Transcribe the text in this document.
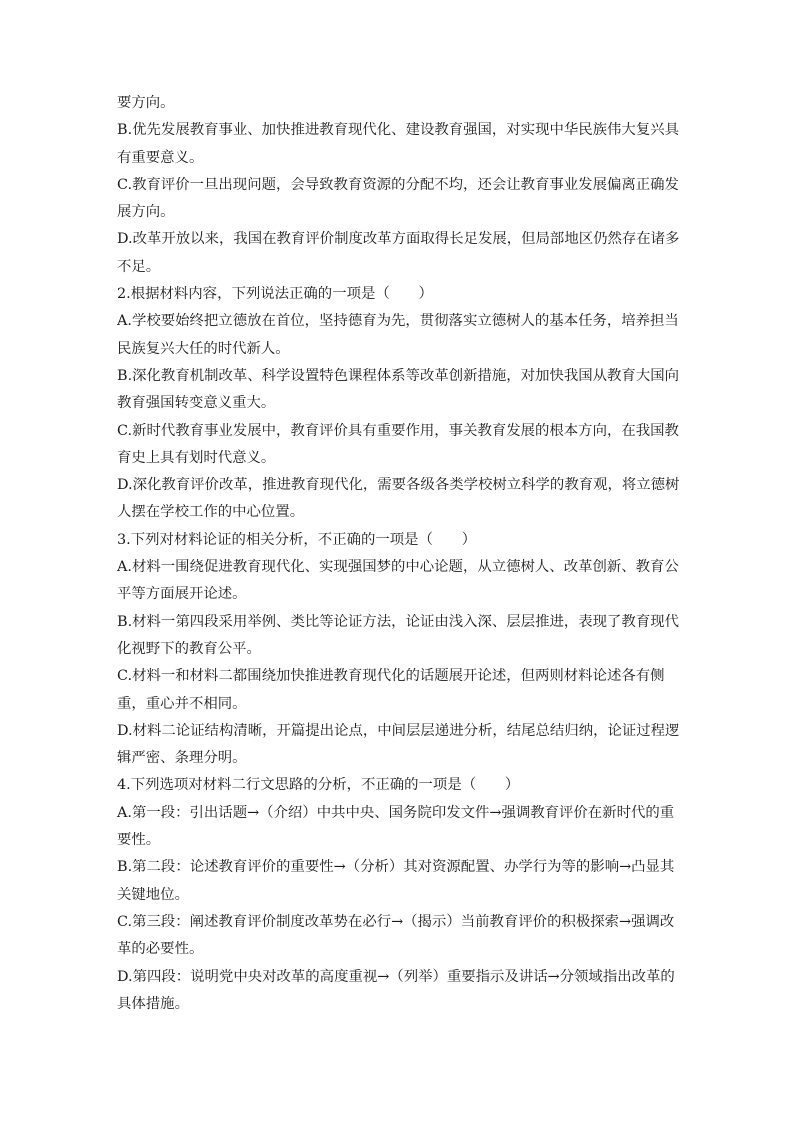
要方向。
B.优先发展教育事业、加快推进教育现代化、建设教育强国，对实现中华民族伟大复兴具
有重要意义。
C.教育评价一旦出现问题，会导致教育资源的分配不均，还会让教育事业发展偏离正确发
展方向。
D.改革开放以来，我国在教育评价制度改革方面取得长足发展，但局部地区仍然存在诸多
不足。
2.根据材料内容，下列说法正确的一项是（　　）
A.学校要始终把立德放在首位，坚持德育为先，贯彻落实立德树人的基本任务，培养担当
民族复兴大任的时代新人。
B.深化教育机制改革、科学设置特色课程体系等改革创新措施，对加快我国从教育大国向
教育强国转变意义重大。
C.新时代教育事业发展中，教育评价具有重要作用，事关教育发展的根本方向，在我国教
育史上具有划时代意义。
D.深化教育评价改革，推进教育现代化，需要各级各类学校树立科学的教育观，将立德树
人摆在学校工作的中心位置。
3.下列对材料论证的相关分析，不正确的一项是（　　）
A.材料一围绕促进教育现代化、实现强国梦的中心论题，从立德树人、改革创新、教育公
平等方面展开论述。
B.材料一第四段采用举例、类比等论证方法，论证由浅入深、层层推进，表现了教育现代
化视野下的教育公平。
C.材料一和材料二都围绕加快推进教育现代化的话题展开论述，但两则材料论述各有侧
重，重心并不相同。
D.材料二论证结构清晰，开篇提出论点，中间层层递进分析，结尾总结归纳，论证过程逻
辑严密、条理分明。
4.下列选项对材料二行文思路的分析，不正确的一项是（　　）
A.第一段：引出话题→（介绍）中共中央、国务院印发文件→强调教育评价在新时代的重
要性。
B.第二段：论述教育评价的重要性→（分析）其对资源配置、办学行为等的影响→凸显其
关键地位。
C.第三段：阐述教育评价制度改革势在必行→（揭示）当前教育评价的积极探索→强调改
革的必要性。
D.第四段：说明党中央对改革的高度重视→（列举）重要指示及讲话→分领域指出改革的
具体措施。
